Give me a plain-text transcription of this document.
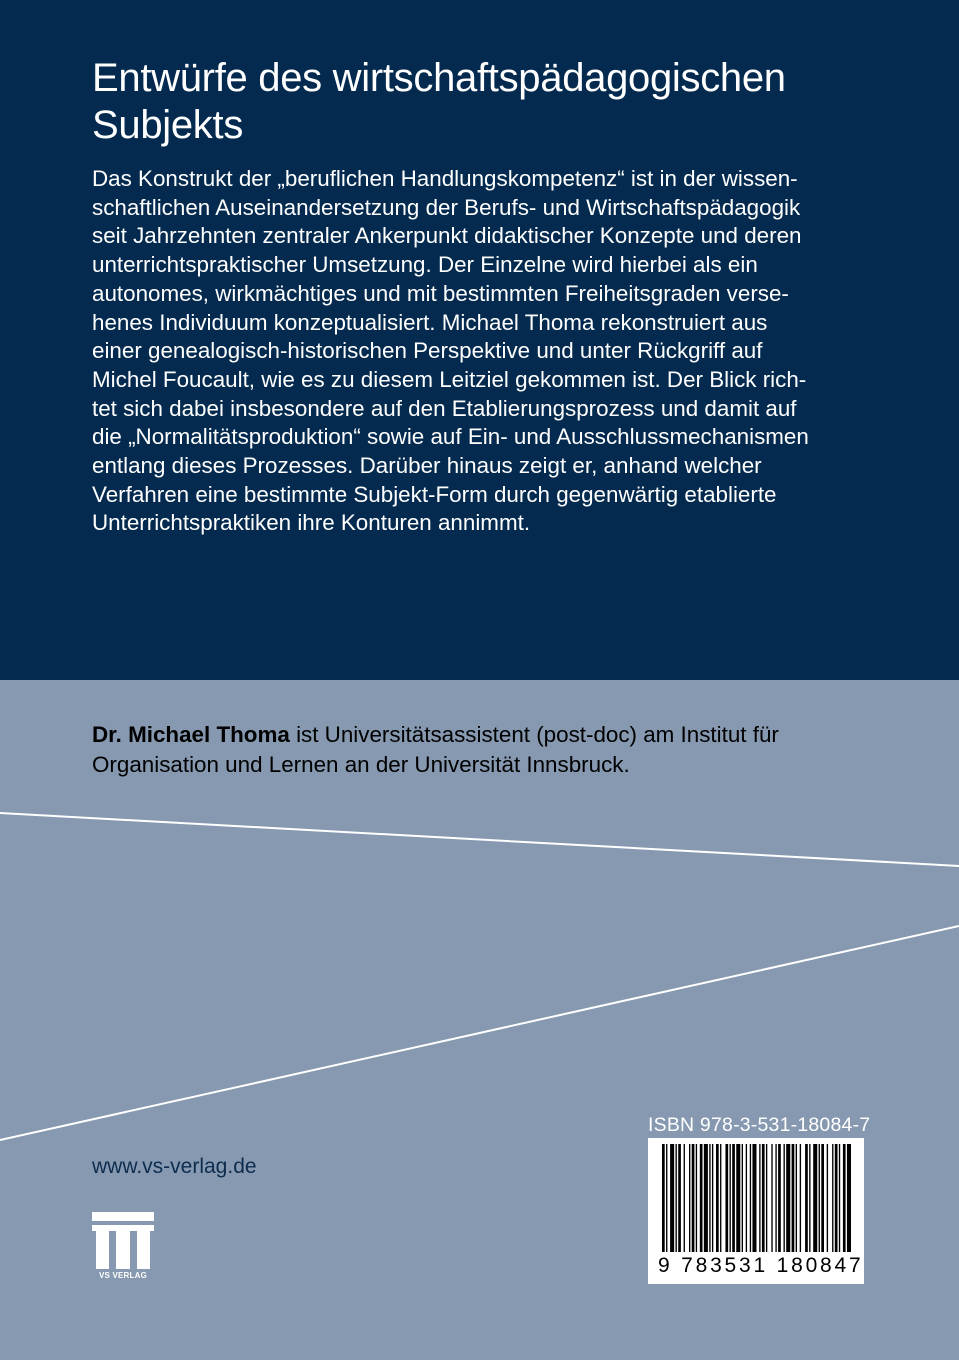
Entwürfe des wirtschaftspädagogischen
Subjekts

Das Konstrukt der „beruflichen Handlungskompetenz“ ist in der wissen-
schaftlichen Auseinandersetzung der Berufs- und Wirtschaftspädagogik
seit Jahrzehnten zentraler Ankerpunkt didaktischer Konzepte und deren
unterrichtspraktischer Umsetzung. Der Einzelne wird hierbei als ein
autonomes, wirkmächtiges und mit bestimmten Freiheitsgraden verse-
henes Individuum konzeptualisiert. Michael Thoma rekonstruiert aus
einer genealogisch-historischen Perspektive und unter Rückgriff auf
Michel Foucault, wie es zu diesem Leitziel gekommen ist. Der Blick rich-
tet sich dabei insbesondere auf den Etablierungsprozess und damit auf
die „Normalitätsproduktion“ sowie auf Ein- und Ausschlussmechanismen
entlang dieses Prozesses. Darüber hinaus zeigt er, anhand welcher
Verfahren eine bestimmte Subjekt-Form durch gegenwärtig etablierte
Unterrichtspraktiken ihre Konturen annimmt.

Dr. Michael Thoma ist Universitätsassistent (post-doc) am Institut für
Organisation und Lernen an der Universität Innsbruck.

www.vs-verlag.de
VS VERLAG
ISBN 978-3-531-18084-7
9 783531 180847
